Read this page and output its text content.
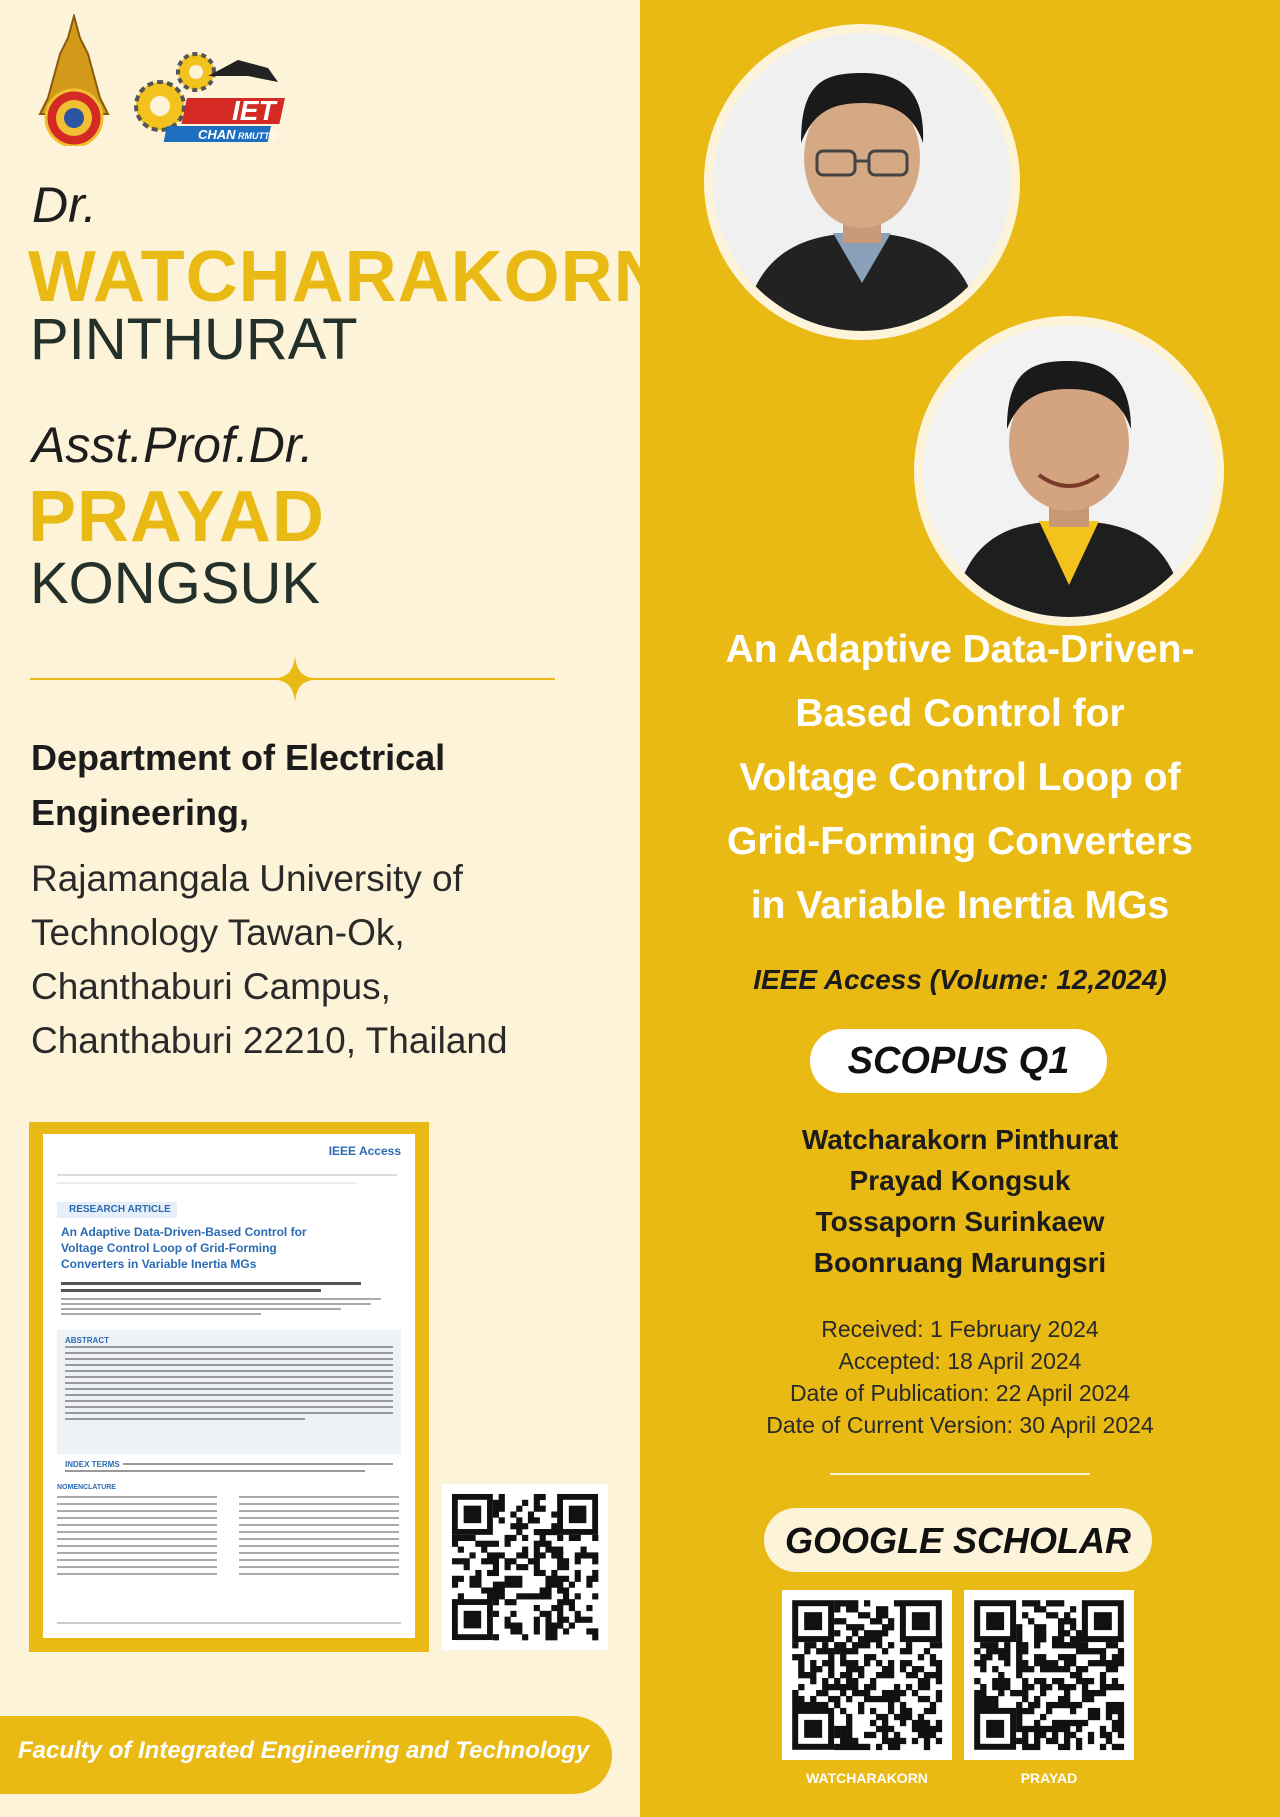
IET
CHAN RMUTTO
Dr.
WATCHARAKORN
PINTHURAT
Asst.Prof.Dr.
PRAYAD
KONGSUK
Department of Electrical
Engineering,
Rajamangala University of
Technology Tawan-Ok,
Chanthaburi Campus,
Chanthaburi 22210, Thailand
IEEE Access
RESEARCH ARTICLE
An Adaptive Data-Driven-Based Control for
Voltage Control Loop of Grid-Forming
Converters in Variable Inertia MGs
ABSTRACT
INDEX TERMS
NOMENCLATURE
WATCHARAKORN	PRAYAD
Faculty of Integrated Engineering and Technology
An Adaptive Data-Driven-
Based Control for
Voltage Control Loop of
Grid-Forming Converters
in Variable Inertia MGs
IEEE Access (Volume: 12,2024)
SCOPUS Q1
Watcharakorn Pinthurat
Prayad Kongsuk
Tossaporn Surinkaew
Boonruang Marungsri
Received: 1 February 2024
Accepted: 18 April 2024
Date of Publication: 22 April 2024
Date of Current Version: 30 April 2024
GOOGLE SCHOLAR
